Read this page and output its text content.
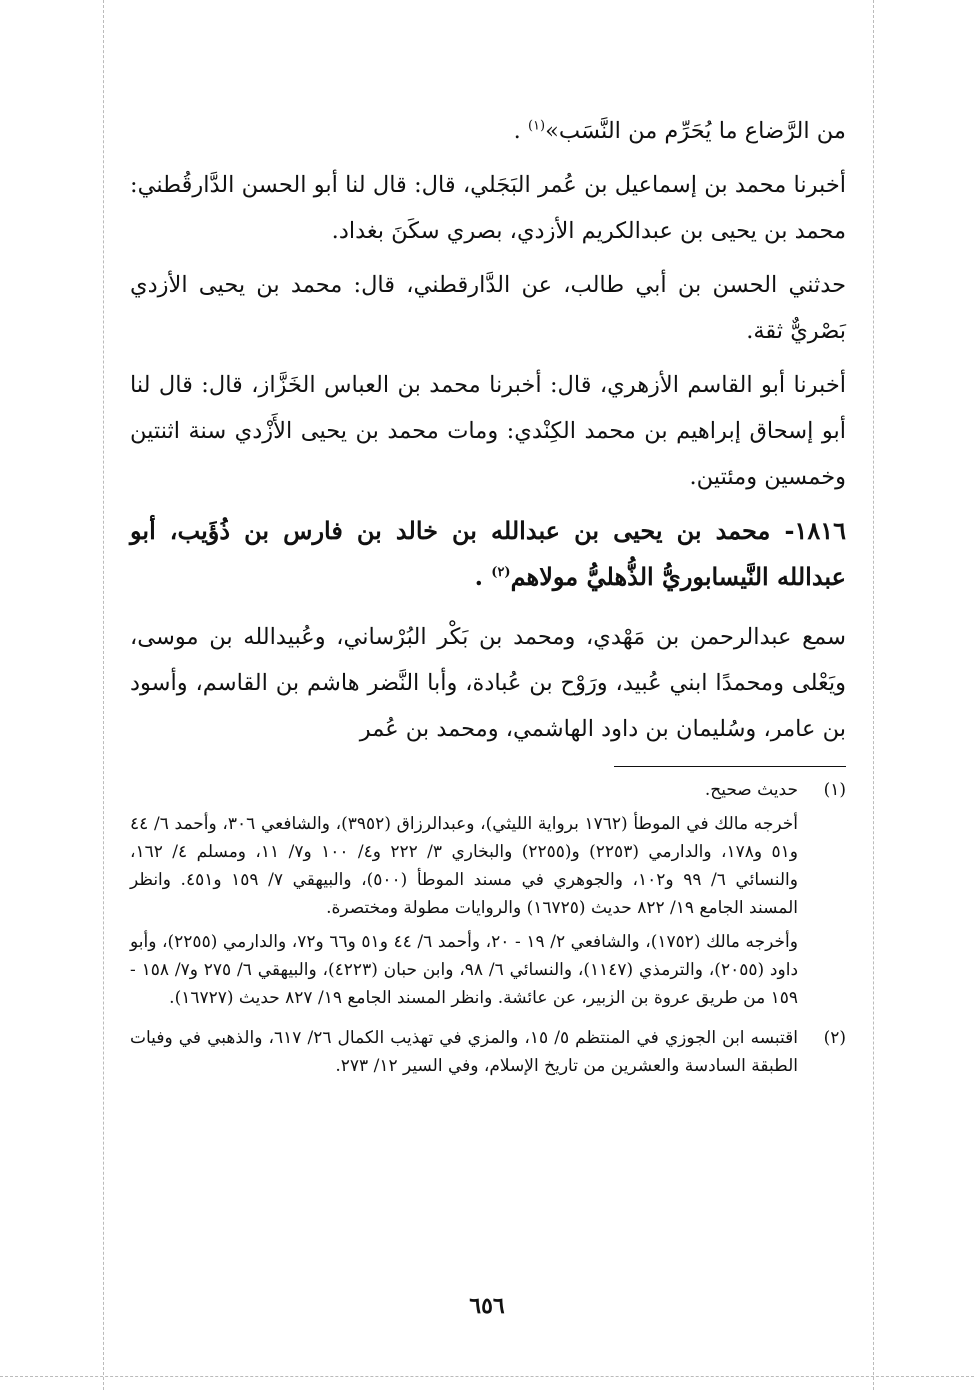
من الرَّضاع ما يُحَرِّم من النَّسَب»$^{(١)}$ .

أخبرنا محمد بن إسماعيل بن عُمر البَجَلي، قال: قال لنا أبو الحسن الدَّارقُطني: محمد بن يحيى بن عبدالكريم الأزدي، بصري سكَنَ بغداد.

حدثني الحسن بن أبي طالب، عن الدَّارقطني، قال: محمد بن يحيى الأزدي بَصْريٌّ ثقة.

أخبرنا أبو القاسم الأزهري، قال: أخبرنا محمد بن العباس الخَزَّاز، قال: قال لنا أبو إسحاق إبراهيم بن محمد الكِنْدي: ومات محمد بن يحيى الأَزْدي سنة اثنتين وخمسين ومئتين.

١٨١٦- محمد بن يحيى بن عبدالله بن خالد بن فارس بن ذُؤَيب، أبو عبدالله النَّيسابوريُّ الذُّهليُّ مولاهم$^{(٢)}$ .

سمع عبدالرحمن بن مَهْدي، ومحمد بن بَكْر البُرْساني، وعُبيدالله بن موسى، ويَعْلى ومحمدًا ابني عُبيد، ورَوْح بن عُبادة، وأبا النَّضر هاشم بن القاسم، وأسود بن عامر، وسُليمان بن داود الهاشمي، ومحمد بن عُمر

(١)

حديث صحيح.

أخرجه مالك في الموطأ (١٧٦٢ برواية الليثي)، وعبدالرزاق (٣٩٥٢)، والشافعي ٣٠٦، وأحمد ٦/ ٤٤ و٥١ و١٧٨، والدارمي (٢٢٥٣) و(٢٢٥٥) والبخاري ٣/ ٢٢٢ و٤/ ١٠٠ و٧/ ١١، ومسلم ٤/ ١٦٢، والنسائي ٦/ ٩٩ و١٠٢، والجوهري في مسند الموطأ (٥٠٠)، والبيهقي ٧/ ١٥٩ و٤٥١. وانظر المسند الجامع ١٩/ ٨٢٢ حديث (١٦٧٢٥) والروايات مطولة ومختصرة.

وأخرجه مالك (١٧٥٢)، والشافعي ٢/ ١٩ - ٢٠، وأحمد ٦/ ٤٤ و٥١ و٦٦ و٧٢، والدارمي (٢٢٥٥)، وأبو داود (٢٠٥٥)، والترمذي (١١٤٧)، والنسائي ٦/ ٩٨، وابن حبان (٤٢٢٣)، والبيهقي ٦/ ٢٧٥ و٧/ ١٥٨ - ١٥٩ من طريق عروة بن الزبير، عن عائشة. وانظر المسند الجامع ١٩/ ٨٢٧ حديث (١٦٧٢٧).

(٢)

اقتبسه ابن الجوزي في المنتظم ٥/ ١٥، والمزي في تهذيب الكمال ٢٦/ ٦١٧، والذهبي في وفيات الطبقة السادسة والعشرين من تاريخ الإسلام، وفي السير ١٢/ ٢٧٣.

٦٥٦
